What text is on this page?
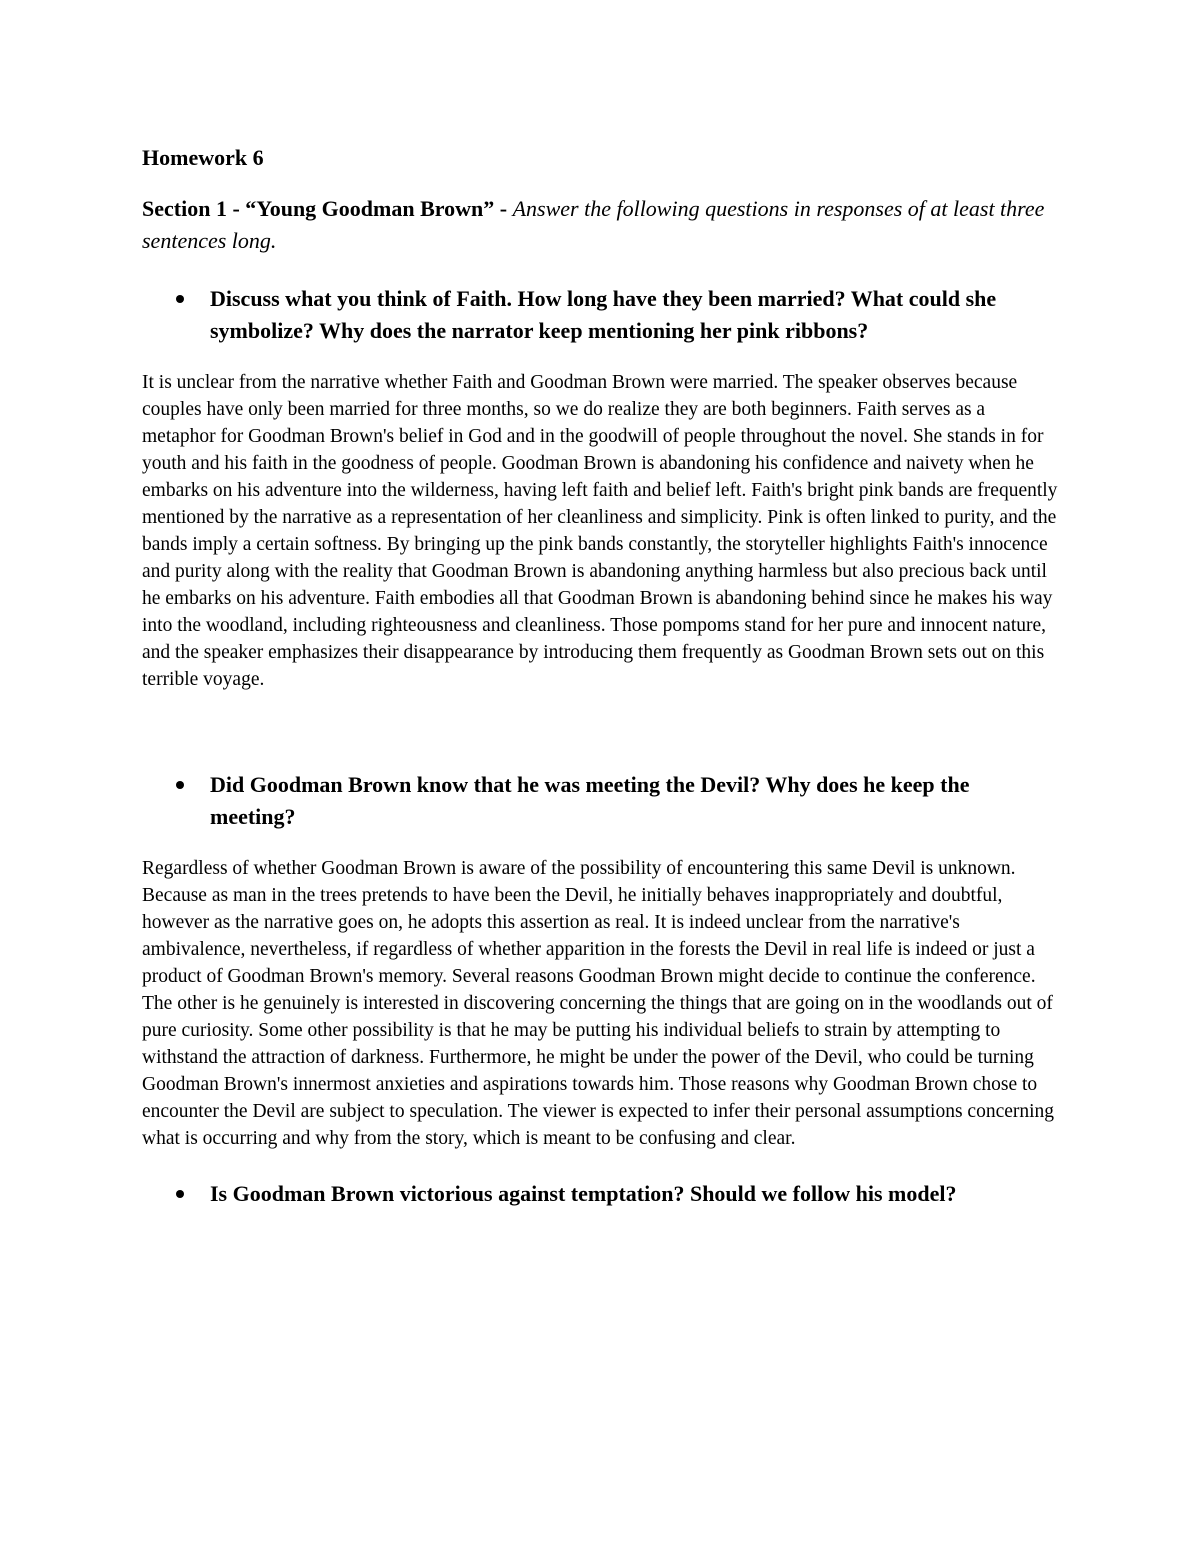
Homework 6
Section 1 - “Young Goodman Brown” - Answer the following questions in responses of at least three sentences long.
Discuss what you think of Faith. How long have they been married? What could she symbolize? Why does the narrator keep mentioning her pink ribbons?

It is unclear from the narrative whether Faith and Goodman Brown were married. The speaker observes because couples have only been married for three months, so we do realize they are both beginners. Faith serves as a metaphor for Goodman Brown's belief in God and in the goodwill of people throughout the novel. She stands in for youth and his faith in the goodness of people. Goodman Brown is abandoning his confidence and naivety when he embarks on his adventure into the wilderness, having left faith and belief left. Faith's bright pink bands are frequently mentioned by the narrative as a representation of her cleanliness and simplicity. Pink is often linked to purity, and the bands imply a certain softness. By bringing up the pink bands constantly, the storyteller highlights Faith's innocence and purity along with the reality that Goodman Brown is abandoning anything harmless but also precious back until he embarks on his adventure. Faith embodies all that Goodman Brown is abandoning behind since he makes his way into the woodland, including righteousness and cleanliness. Those pompoms stand for her pure and innocent nature, and the speaker emphasizes their disappearance by introducing them frequently as Goodman Brown sets out on this terrible voyage.

Did Goodman Brown know that he was meeting the Devil? Why does he keep the meeting?

Regardless of whether Goodman Brown is aware of the possibility of encountering this same Devil is unknown. Because as man in the trees pretends to have been the Devil, he initially behaves inappropriately and doubtful, however as the narrative goes on, he adopts this assertion as real. It is indeed unclear from the narrative's ambivalence, nevertheless, if regardless of whether apparition in the forests the Devil in real life is indeed or just a product of Goodman Brown's memory. Several reasons Goodman Brown might decide to continue the conference. The other is he genuinely is interested in discovering concerning the things that are going on in the woodlands out of pure curiosity. Some other possibility is that he may be putting his individual beliefs to strain by attempting to withstand the attraction of darkness. Furthermore, he might be under the power of the Devil, who could be turning Goodman Brown's innermost anxieties and aspirations towards him. Those reasons why Goodman Brown chose to encounter the Devil are subject to speculation. The viewer is expected to infer their personal assumptions concerning what is occurring and why from the story, which is meant to be confusing and clear.

Is Goodman Brown victorious against temptation? Should we follow his model?
